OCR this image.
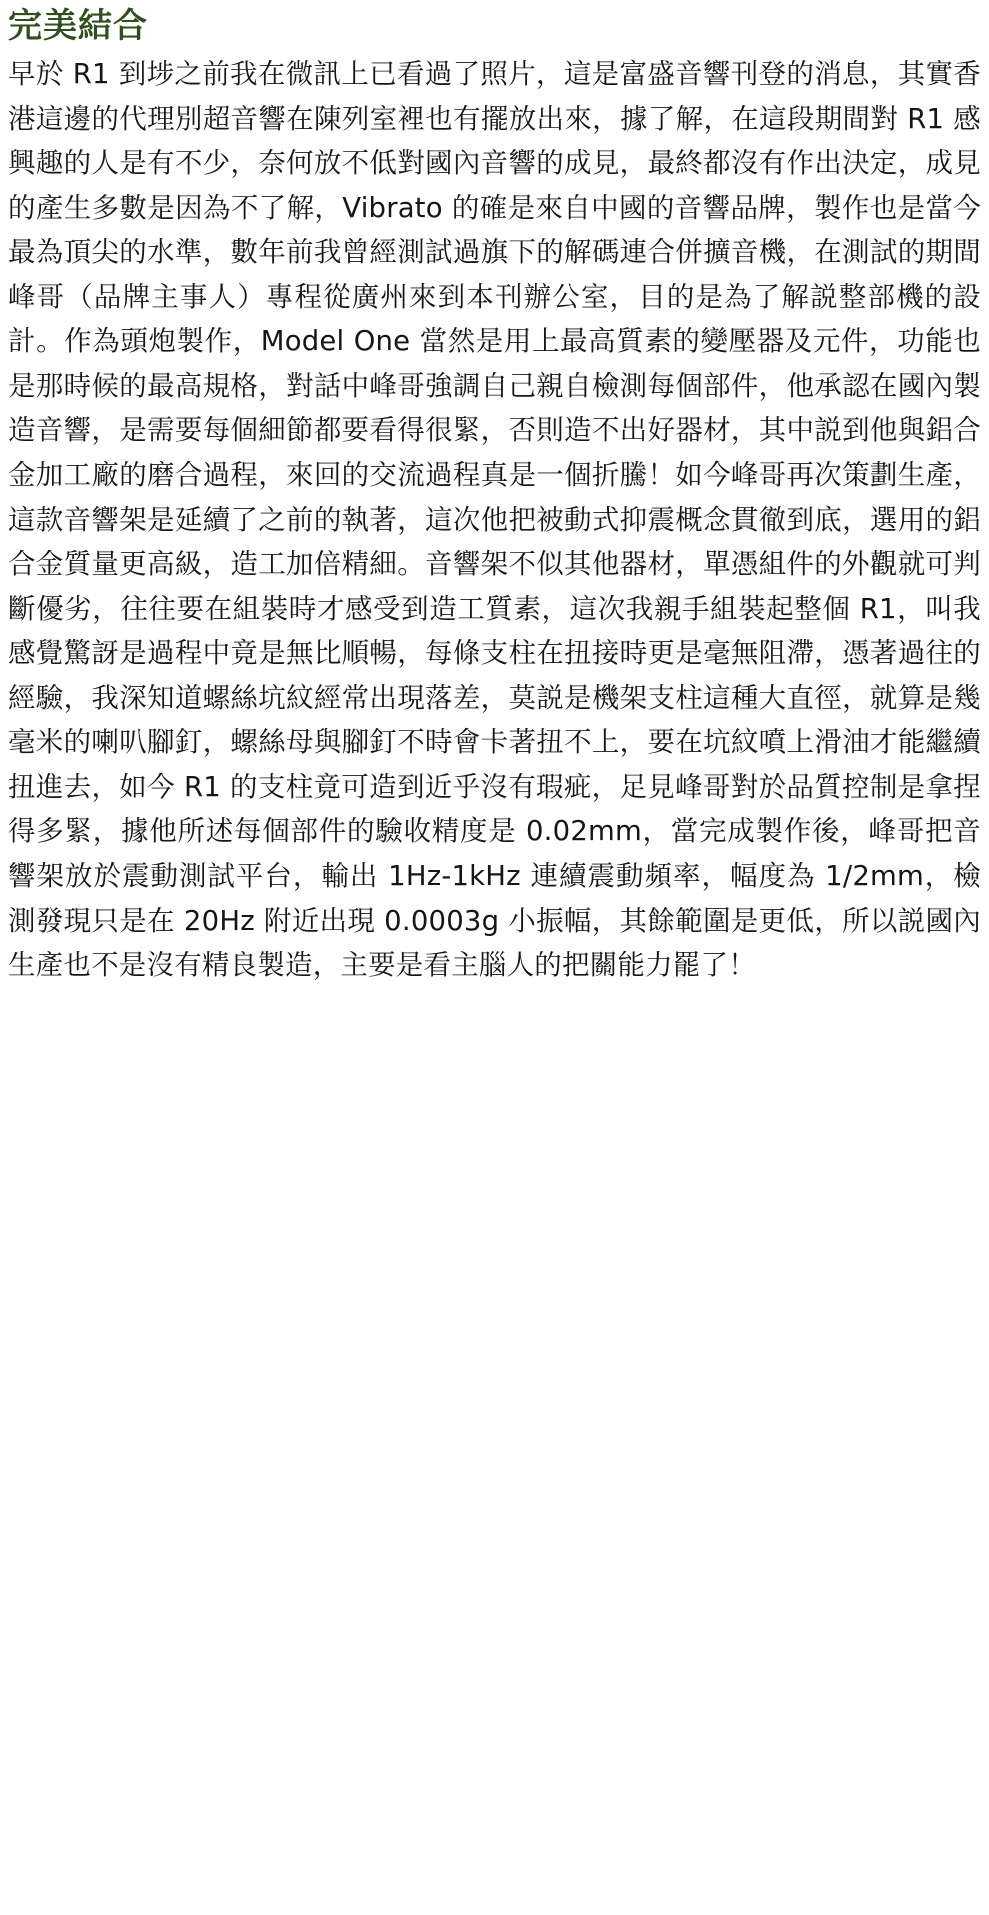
完美結合
早於 R1 到埗之前我在微訊上已看過了照片，這是富盛音響刊登的消息，其實香港這邊的代理別超音響在陳列室裡也有擺放出來，據了解，在這段期間對 R1 感興趣的人是有不少，奈何放不低對國內音響的成見，最終都沒有作出決定，成見的產生多數是因為不了解，Vibrato 的確是來自中國的音響品牌，製作也是當今最為頂尖的水準，數年前我曾經測試過旗下的解碼連合併擴音機，在測試的期間峰哥（品牌主事人）專程從廣州來到本刊辦公室，目的是為了解説整部機的設計。作為頭炮製作，Model One 當然是用上最高質素的變壓器及元件，功能也是那時候的最高規格，對話中峰哥強調自己親自檢測每個部件，他承認在國內製造音響，是需要每個細節都要看得很緊，否則造不出好器材，其中説到他與鋁合金加工廠的磨合過程，來回的交流過程真是一個折騰！如今峰哥再次策劃生產，這款音響架是延續了之前的執著，這次他把被動式抑震概念貫徹到底，選用的鋁合金質量更高級，造工加倍精細。音響架不似其他器材，單憑組件的外觀就可判斷優劣，往往要在組裝時才感受到造工質素，這次我親手組裝起整個 R1，叫我感覺驚訝是過程中竟是無比順暢，每條支柱在扭接時更是毫無阻滯，憑著過往的經驗，我深知道螺絲坑紋經常出現落差，莫説是機架支柱這種大直徑，就算是幾毫米的喇叭腳釘，螺絲母與腳釘不時會卡著扭不上，要在坑紋噴上滑油才能繼續扭進去，如今 R1 的支柱竟可造到近乎沒有瑕疵，足見峰哥對於品質控制是拿捏得多緊，據他所述每個部件的驗收精度是 0.02mm，當完成製作後，峰哥把音響架放於震動測試平台，輸出 1Hz-1kHz 連續震動頻率，幅度為 1/2mm，檢測發現只是在 20Hz 附近出現 0.0003g 小振幅，其餘範圍是更低，所以説國內生產也不是沒有精良製造，主要是看主腦人的把關能力罷了！
